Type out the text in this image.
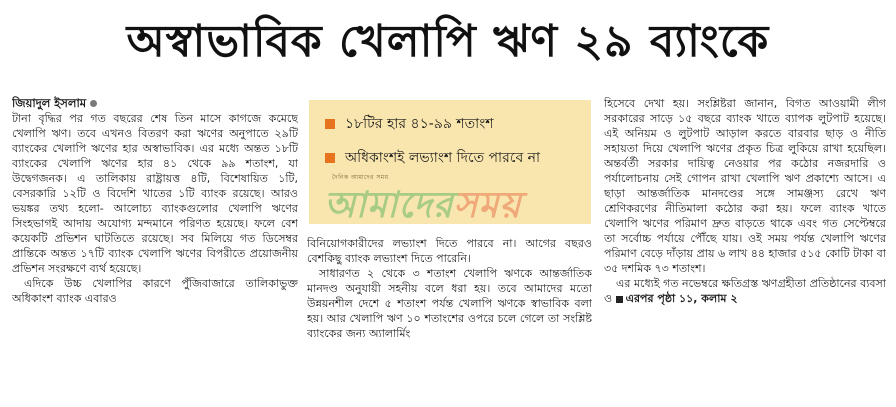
অস্বাভাবিক খেলাপি ঋণ ২৯ ব্যাংকে
জিয়াদুল ইসলাম

টানা বৃদ্ধির পর গত বছরের শেষ তিন মাসে কাগজে কমেছে খেলাপি ঋণ। তবে এখনও বিতরণ করা ঋণের অনুপাতে ২৯টি ব্যাংকের খেলাপি ঋণের হার অস্বাভাবিক। এর মধ্যে অন্তত ১৮টি ব্যাংকের খেলাপি ঋণের হার ৪১ থেকে ৯৯ শতাংশ, যা উদ্বেগজনক। এ তালিকায় রাষ্ট্রায়ত্ত ৪টি, বিশেষায়িত ১টি, বেসরকারি ১২টি ও বিদেশি খাতের ১টি ব্যাংক রয়েছে। আরও ভয়ঙ্কর তথ্য হলো- আলোচ্য ব্যাংকগুলোর খেলাপি ঋণের সিংহভাগই আদায় অযোগ্য মন্দমানে পরিণত হয়েছে। ফলে বেশ কয়েকটি প্রভিশন ঘাটতিতে রয়েছে। সব মিলিয়ে গত ডিসেম্বর প্রান্তিকে অন্তত ১৭টি ব্যাংক খেলাপি ঋণের বিপরীতে প্রয়োজনীয় প্রভিশন সংরক্ষণে ব্যর্থ হয়েছে।

এদিকে উচ্চ খেলাপির কারণে পুঁজিবাজারে তালিকাভুক্ত অধিকাংশ ব্যাংক এবারও

১৮টির হার ৪১-৯৯ শতাংশ
অধিকাংশই লভ্যাংশ দিতে পারবে না
দৈনিক আমাদের সময়
আমাদেরসময়

বিনিয়োগকারীদের লভ্যাংশ দিতে পারবে না। আগের বছরও বেশকিছু ব্যাংক লভ্যাংশ দিতে পারেনি।

সাধারণত ২ থেকে ৩ শতাংশ খেলাপি ঋণকে আন্তর্জাতিক মানদণ্ড অনুযায়ী সহনীয় বলে ধরা হয়। তবে আমাদের মতো উন্নয়নশীল দেশে ৫ শতাংশ পর্যন্ত খেলাপি ঋণকে স্বাভাবিক বলা হয়। আর খেলাপি ঋণ ১০ শতাংশের ওপরে চলে গেলে তা সংশ্লিষ্ট ব্যাংকের জন্য অ্যালার্মিং

হিসেবে দেখা হয়। সংশ্লিষ্টরা জানান, বিগত আওয়ামী লীগ সরকারের সাড়ে ১৫ বছরে ব্যাংক খাতে ব্যাপক লুটপাট হয়েছে। এই অনিয়ম ও লুটপাট আড়াল করতে বারবার ছাড় ও নীতি সহায়তা দিয়ে খেলাপি ঋণের প্রকৃত চিত্র লুকিয়ে রাখা হয়েছিল। অন্তর্বর্তী সরকার দায়িত্ব নেওয়ার পর কঠোর নজরদারি ও পর্যালোচনায় সেই গোপন রাখা খেলাপি ঋণ প্রকাশ্যে আসে। এ ছাড়া আন্তর্জাতিক মানদণ্ডের সঙ্গে সামঞ্জস্য রেখে ঋণ শ্রেণিকরণের নীতিমালা কঠোর করা হয়। ফলে ব্যাংক খাতে খেলাপি ঋণের পরিমাণ দ্রুত বাড়তে থাকে এবং গত সেপ্টেম্বরে তা সর্বোচ্চ পর্যায়ে পৌঁছে যায়। ওই সময় পর্যন্ত খেলাপি ঋণের পরিমাণ বেড়ে দাঁড়ায় প্রায় ৬ লাখ ৪৪ হাজার ৫১৫ কোটি টাকা বা ৩৫ দশমিক ৭৩ শতাংশ।

এর মধ্যেই গত নভেম্বরে ক্ষতিগ্রস্ত ঋণগ্রহীতা প্রতিষ্ঠানের ব্যবসা ও এরপর পৃষ্ঠা ১১, কলাম ২
